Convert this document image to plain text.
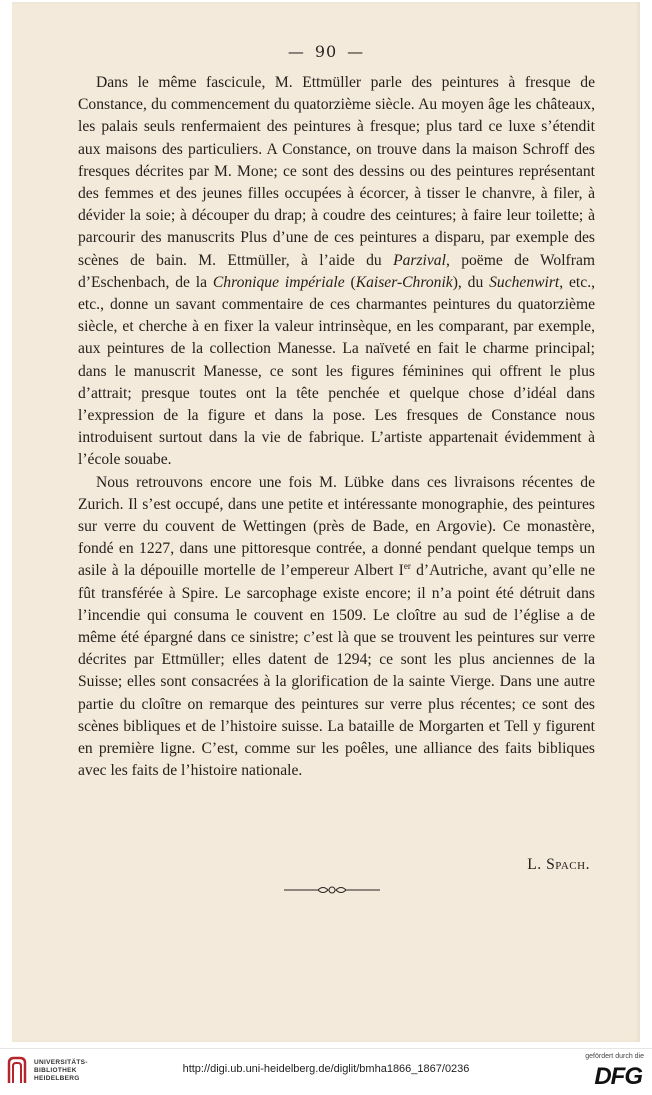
— 90 —

Dans le même fascicule, M. Ettmüller parle des peintures à fresque de Constance, du commencement du quatorzième siècle. Au moyen âge les châteaux, les palais seuls renfermaient des peintures à fresque; plus tard ce luxe s’étendit aux maisons des particuliers. A Constance, on trouve dans la maison Schroff des fresques décrites par M. Mone; ce sont des dessins ou des peintures représentant des femmes et des jeunes filles occupées à écorcer, à tisser le chanvre, à filer, à dévider la soie; à découper du drap; à coudre des ceintures; à faire leur toilette; à parcourir des manuscrits Plus d’une de ces peintures a disparu, par exemple des scènes de bain. M. Ettmüller, à l’aide du Parzival, poëme de Wolfram d’Eschenbach, de la Chronique impériale (Kaiser-Chronik), du Suchenwirt, etc., etc., donne un savant commentaire de ces charmantes peintures du quatorzième siècle, et cherche à en fixer la valeur intrinsèque, en les comparant, par exemple, aux peintures de la collection Manesse. La naïveté en fait le charme principal; dans le manuscrit Manesse, ce sont les figures féminines qui offrent le plus d’attrait; presque toutes ont la tête penchée et quelque chose d’idéal dans l’expression de la figure et dans la pose. Les fresques de Constance nous introduisent surtout dans la vie de fabrique. L’artiste appartenait évidemment à l’école souabe.

Nous retrouvons encore une fois M. Lübke dans ces livraisons récentes de Zurich. Il s’est occupé, dans une petite et intéressante monographie, des peintures sur verre du couvent de Wettingen (près de Bade, en Argovie). Ce monastère, fondé en 1227, dans une pittoresque contrée, a donné pendant quelque temps un asile à la dépouille mortelle de l’empereur Albert Ier d’Autriche, avant qu’elle ne fût transférée à Spire. Le sarcophage existe encore; il n’a point été détruit dans l’incendie qui consuma le couvent en 1509. Le cloître au sud de l’église a de même été épargné dans ce sinistre; c’est là que se trouvent les peintures sur verre décrites par Ettmüller; elles datent de 1294; ce sont les plus anciennes de la Suisse; elles sont consacrées à la glorification de la sainte Vierge. Dans une autre partie du cloître on remarque des peintures sur verre plus récentes; ce sont des scènes bibliques et de l’histoire suisse. La bataille de Morgarten et Tell y figurent en première ligne. C’est, comme sur les poêles, une alliance des faits bibliques avec les faits de l’histoire nationale.

L. Spach.
UNIVERSITÄTS-
BIBLIOTHEK
HEIDELBERG
http://digi.ub.uni-heidelberg.de/diglit/bmha1866_1867/0236
gefördert durch die
DFG
